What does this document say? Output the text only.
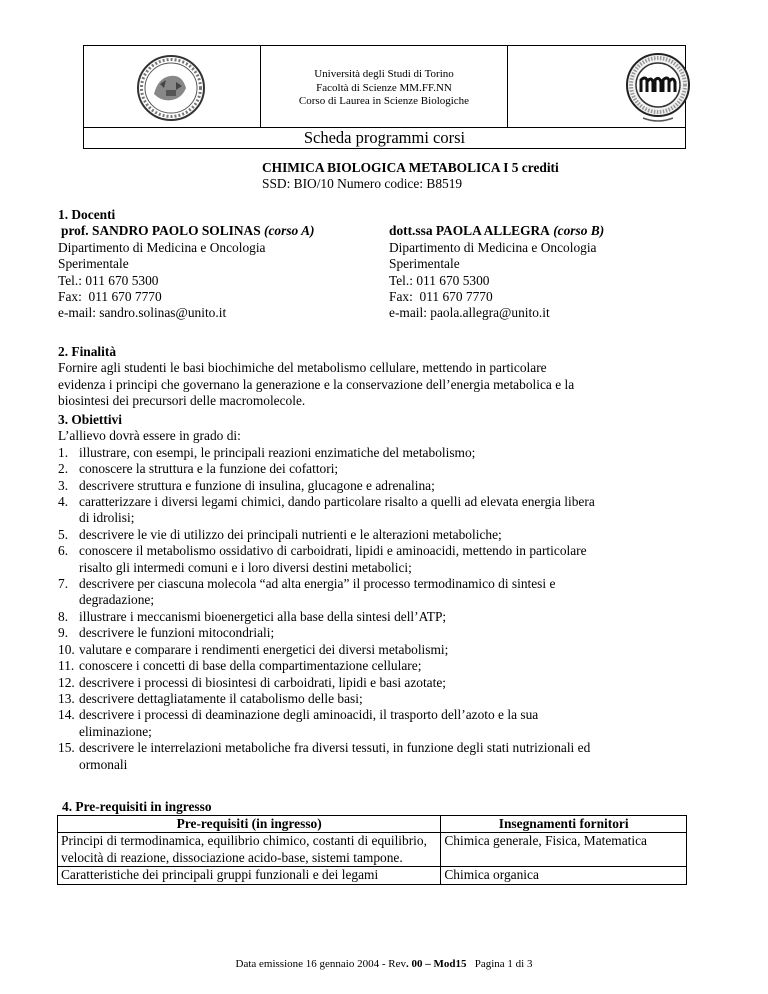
Università degli Studi di Torino
Facoltà di Scienze MM.FF.NN
Corso di Laurea in Scienze Biologiche
Scheda programmi corsi
CHIMICA BIOLOGICA METABOLICA I 5 crediti
SSD: BIO/10 Numero codice: B8519
1. Docenti
prof. SANDRO PAOLO SOLINAS (corso A)
Dipartimento di Medicina e Oncologia
Sperimentale
Tel.: 011 670 5300
Fax:  011 670 7770
e-mail: sandro.solinas@unito.it
dott.ssa PAOLA ALLEGRA (corso B)
Dipartimento di Medicina e Oncologia
Sperimentale
Tel.: 011 670 5300
Fax:  011 670 7770
e-mail: paola.allegra@unito.it
2. Finalità
Fornire agli studenti le basi biochimiche del metabolismo cellulare, mettendo in particolare
evidenza i principi che governano la generazione e la conservazione dell’energia metabolica e la
biosintesi dei precursori delle macromolecole.
3. Obiettivi
L’allievo dovrà essere in grado di:
1. illustrare, con esempi, le principali reazioni enzimatiche del metabolismo;
2. conoscere la struttura e la funzione dei cofattori;
3. descrivere struttura e funzione di insulina, glucagone e adrenalina;
4. caratterizzare i diversi legami chimici, dando particolare risalto a quelli ad elevata energia libera
di idrolisi;
5. descrivere le vie di utilizzo dei principali nutrienti e le alterazioni metaboliche;
6. conoscere il metabolismo ossidativo di carboidrati, lipidi e aminoacidi, mettendo in particolare
risalto gli intermedi comuni e i loro diversi destini metabolici;
7. descrivere per ciascuna molecola “ad alta energia” il processo termodinamico di sintesi e
degradazione;
8. illustrare i meccanismi bioenergetici alla base della sintesi dell’ATP;
9. descrivere le funzioni mitocondriali;
10. valutare e comparare i rendimenti energetici dei diversi metabolismi;
11. conoscere i concetti di base della compartimentazione cellulare;
12. descrivere i processi di biosintesi di carboidrati, lipidi e basi azotate;
13. descrivere dettagliatamente il catabolismo delle basi;
14. descrivere i processi di deaminazione degli aminoacidi, il trasporto dell’azoto e la sua
eliminazione;
15. descrivere le interrelazioni metaboliche fra diversi tessuti, in funzione degli stati nutrizionali ed
ormonali
4. Pre-requisiti in ingresso
Pre-requisiti (in ingresso)	Insegnamenti fornitori
Principi di termodinamica, equilibrio chimico, costanti di equilibrio, velocità di reazione, dissociazione acido-base, sistemi tampone.	Chimica generale, Fisica, Matematica
Caratteristiche dei principali gruppi funzionali e dei legami	Chimica organica
Data emissione 16 gennaio 2004 - Rev. 00 – Mod15 Pagina 1 di 3
